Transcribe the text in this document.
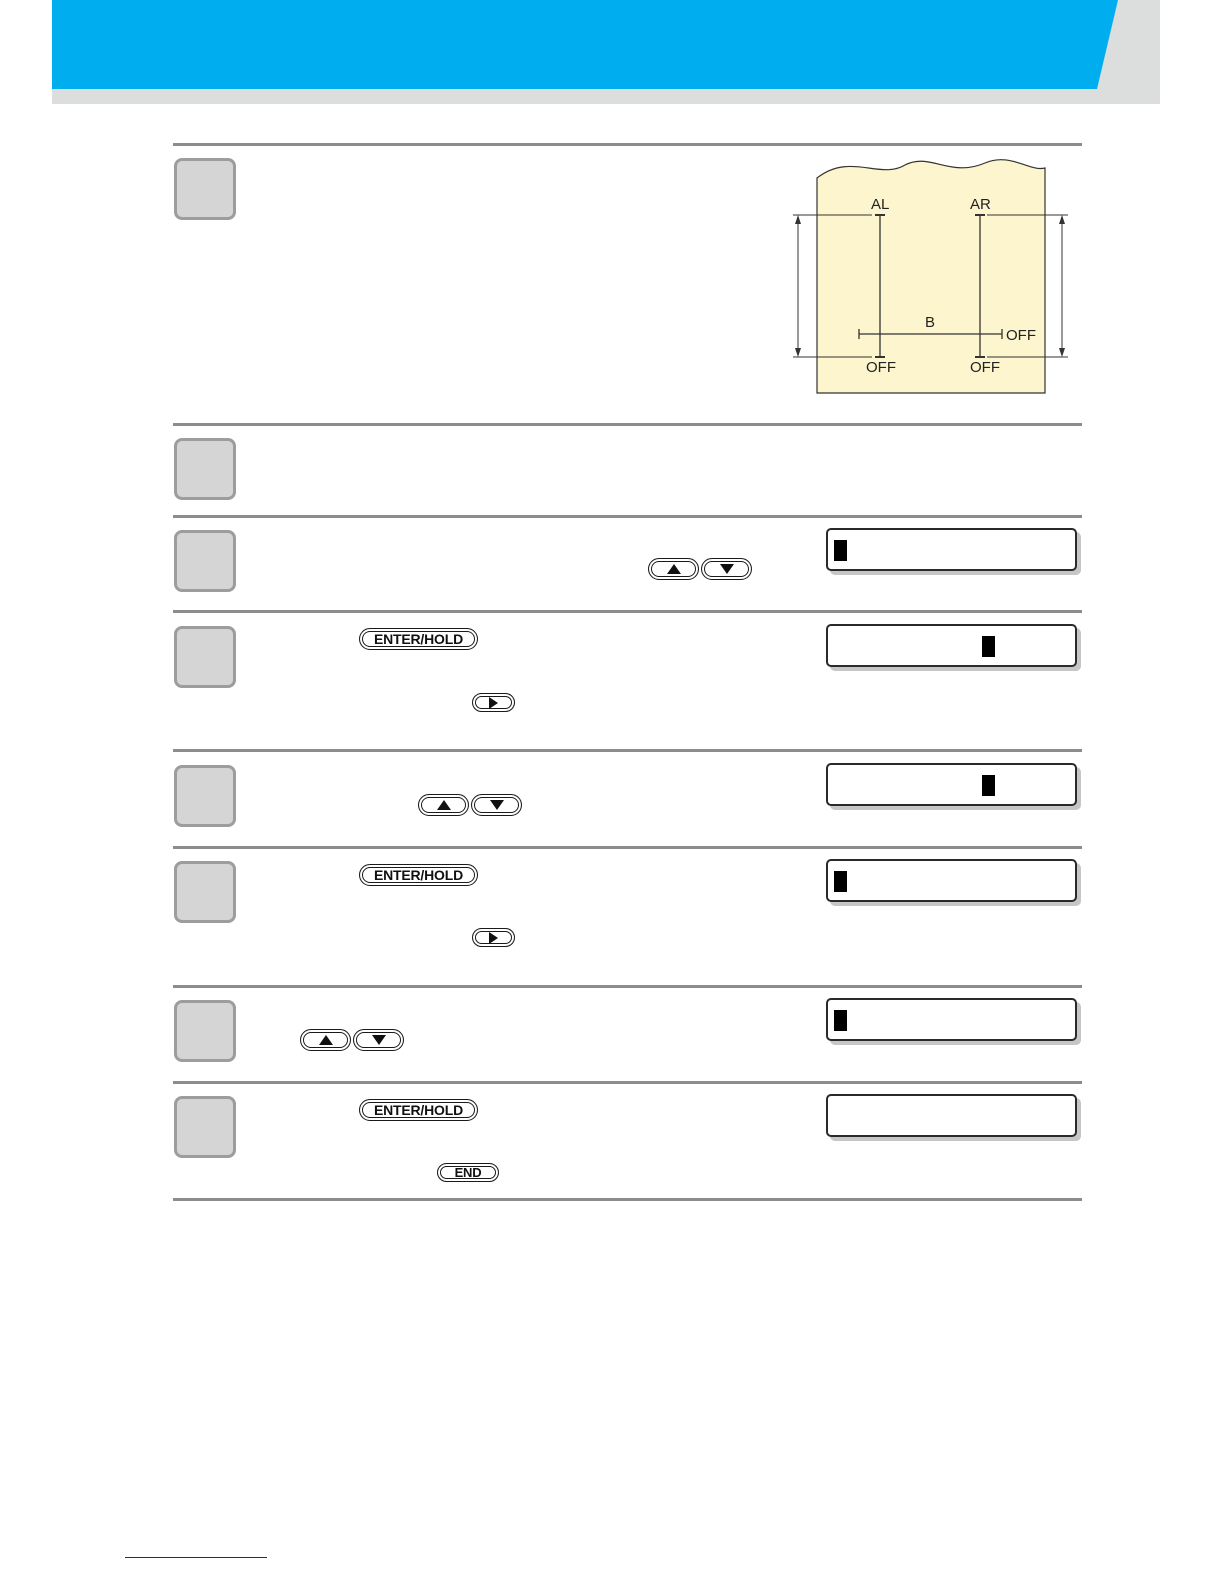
AL	AR
B
OFF
OFF	OFF
ENTER/HOLD
ENTER/HOLD
ENTER/HOLD
END
